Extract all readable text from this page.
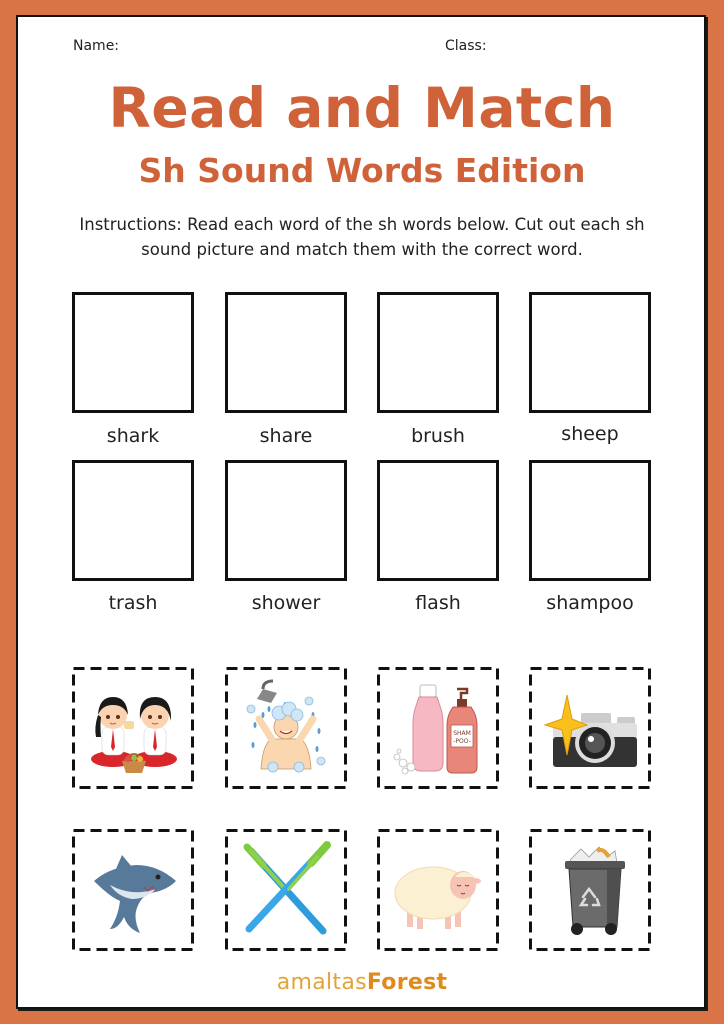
Name:	Class:
Read and Match
Sh Sound Words Edition
Instructions: Read each word of the sh words below. Cut out each sh sound picture and match them with the correct word.
shark	share	brush	sheep
trash	shower	flash	shampoo
SHAM
-POO-
amaltasForest
